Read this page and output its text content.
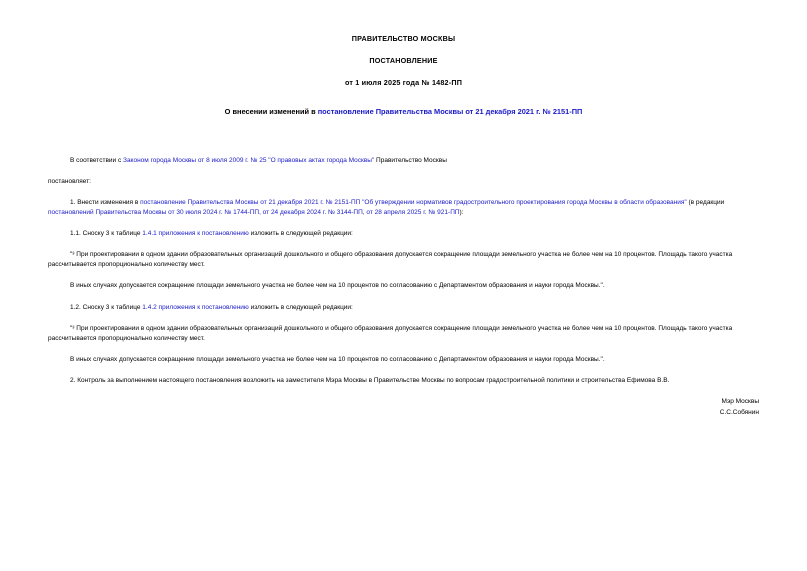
ПРАВИТЕЛЬСТВО МОСКВЫ
ПОСТАНОВЛЕНИЕ
от 1 июля 2025 года № 1482-ПП
О внесении изменений в постановление Правительства Москвы от 21 декабря 2021 г. № 2151-ПП

В соответствии с Законом города Москвы от 8 июля 2009 г. № 25 "О правовых актах города Москвы" Правительство Москвы

постановляет:

1. Внести изменения в постановление Правительства Москвы от 21 декабря 2021 г. № 2151-ПП "Об утверждении нормативов градостроительного проектирования города Москвы в области образования" (в редакции постановлений Правительства Москвы от 30 июля 2024 г. № 1744-ПП, от 24 декабря 2024 г. № 3144-ПП, от 28 апреля 2025 г. № 921-ПП):

1.1. Сноску 3 к таблице 1.4.1 приложения к постановлению изложить в следующей редакции:

"³ При проектировании в одном здании образовательных организаций дошкольного и общего образования допускается сокращение площади земельного участка не более чем на 10 процентов. Площадь такого участка рассчитывается пропорционально количеству мест.

В иных случаях допускается сокращение площади земельного участка не более чем на 10 процентов по согласованию с Департаментом образования и науки города Москвы.".

1.2. Сноску 3 к таблице 1.4.2 приложения к постановлению изложить в следующей редакции:

"³ При проектировании в одном здании образовательных организаций дошкольного и общего образования допускается сокращение площади земельного участка не более чем на 10 процентов. Площадь такого участка рассчитывается пропорционально количеству мест.

В иных случаях допускается сокращение площади земельного участка не более чем на 10 процентов по согласованию с Департаментом образования и науки города Москвы.".

2. Контроль за выполнением настоящего постановления возложить на заместителя Мэра Москвы в Правительстве Москвы по вопросам градостроительной политики и строительства Ефимова В.В.

Мэр Москвы
С.С.Собянин
